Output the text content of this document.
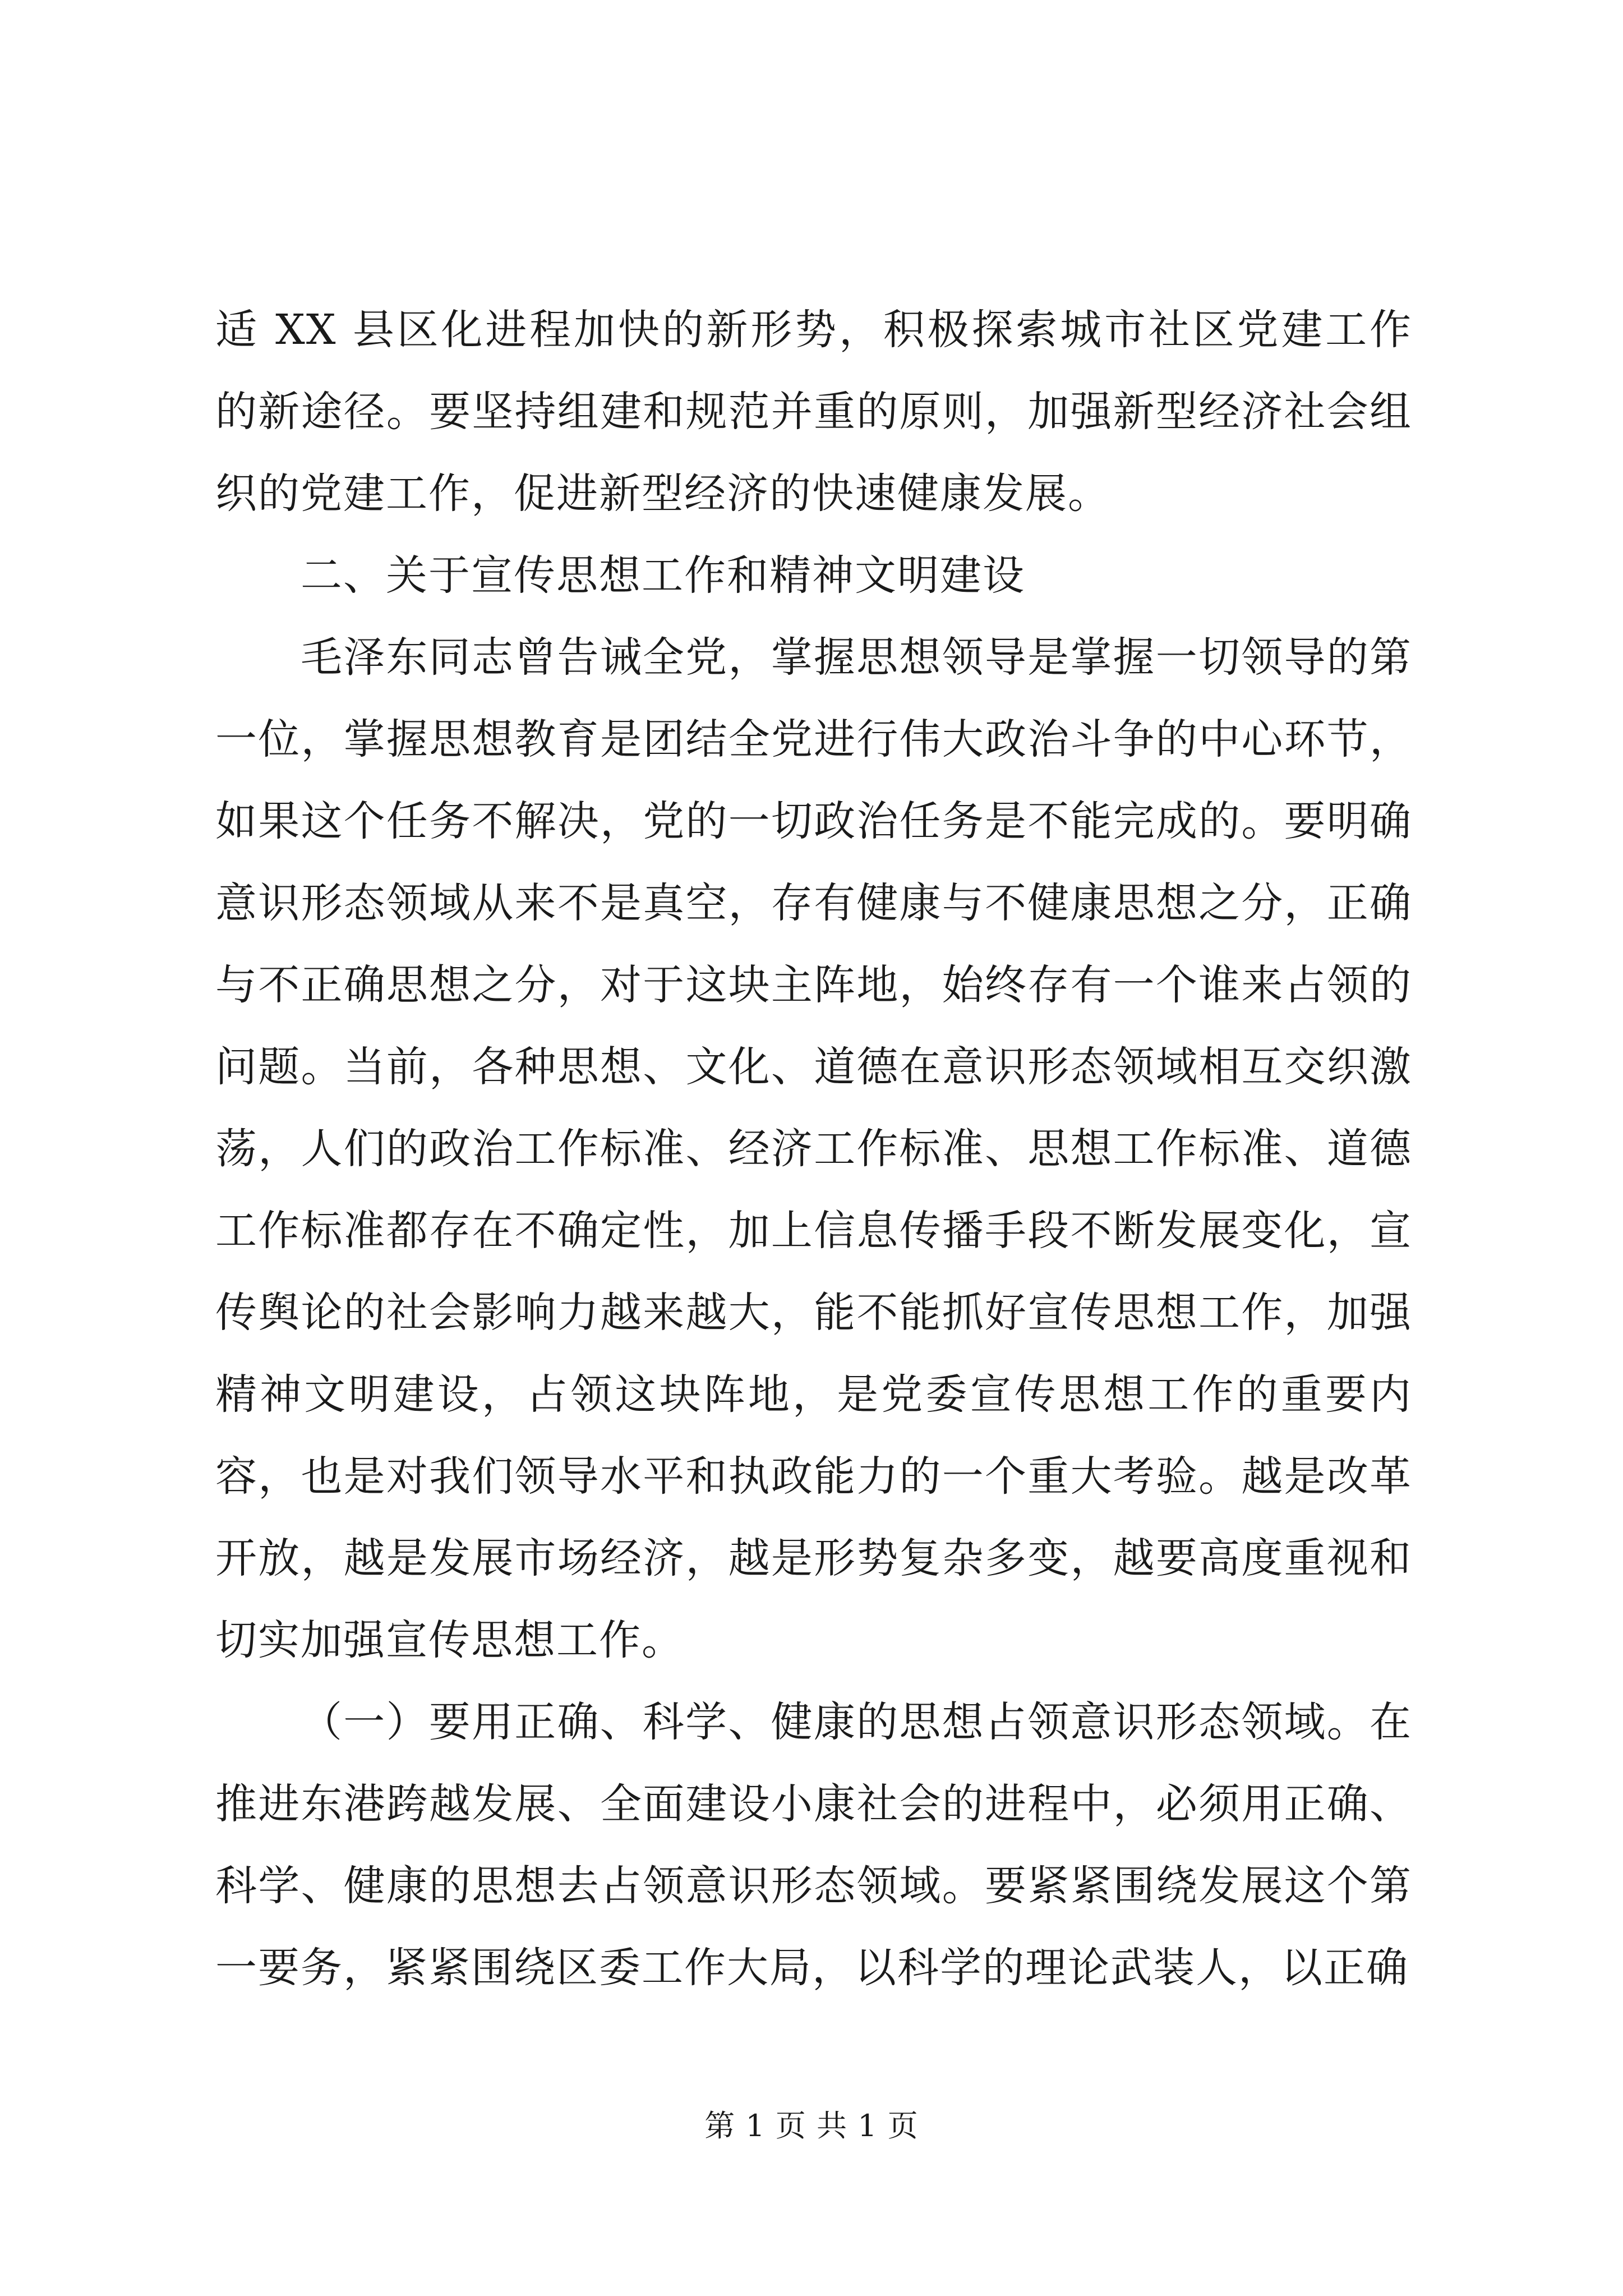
适 XX 县区化进程加快的新形势，积极探索城市社区党建工作的新途径。要坚持组建和规范并重的原则，加强新型经济社会组织的党建工作，促进新型经济的快速健康发展。

二、关于宣传思想工作和精神文明建设

毛泽东同志曾告诫全党，掌握思想领导是掌握一切领导的第一位，掌握思想教育是团结全党进行伟大政治斗争的中心环节，如果这个任务不解决，党的一切政治任务是不能完成的。要明确意识形态领域从来不是真空，存有健康与不健康思想之分，正确与不正确思想之分，对于这块主阵地，始终存有一个谁来占领的问题。当前，各种思想、文化、道德在意识形态领域相互交织激荡，人们的政治工作标准、经济工作标准、思想工作标准、道德工作标准都存在不确定性，加上信息传播手段不断发展变化，宣传舆论的社会影响力越来越大，能不能抓好宣传思想工作，加强精神文明建设，占领这块阵地，是党委宣传思想工作的重要内容，也是对我们领导水平和执政能力的一个重大考验。越是改革开放，越是发展市场经济，越是形势复杂多变，越要高度重视和切实加强宣传思想工作。

（一）要用正确、科学、健康的思想占领意识形态领域。在推进东港跨越发展、全面建设小康社会的进程中，必须用正确、科学、健康的思想去占领意识形态领域。要紧紧围绕发展这个第一要务，紧紧围绕区委工作大局，以科学的理论武装人，以正确

第 1 页 共 1 页
